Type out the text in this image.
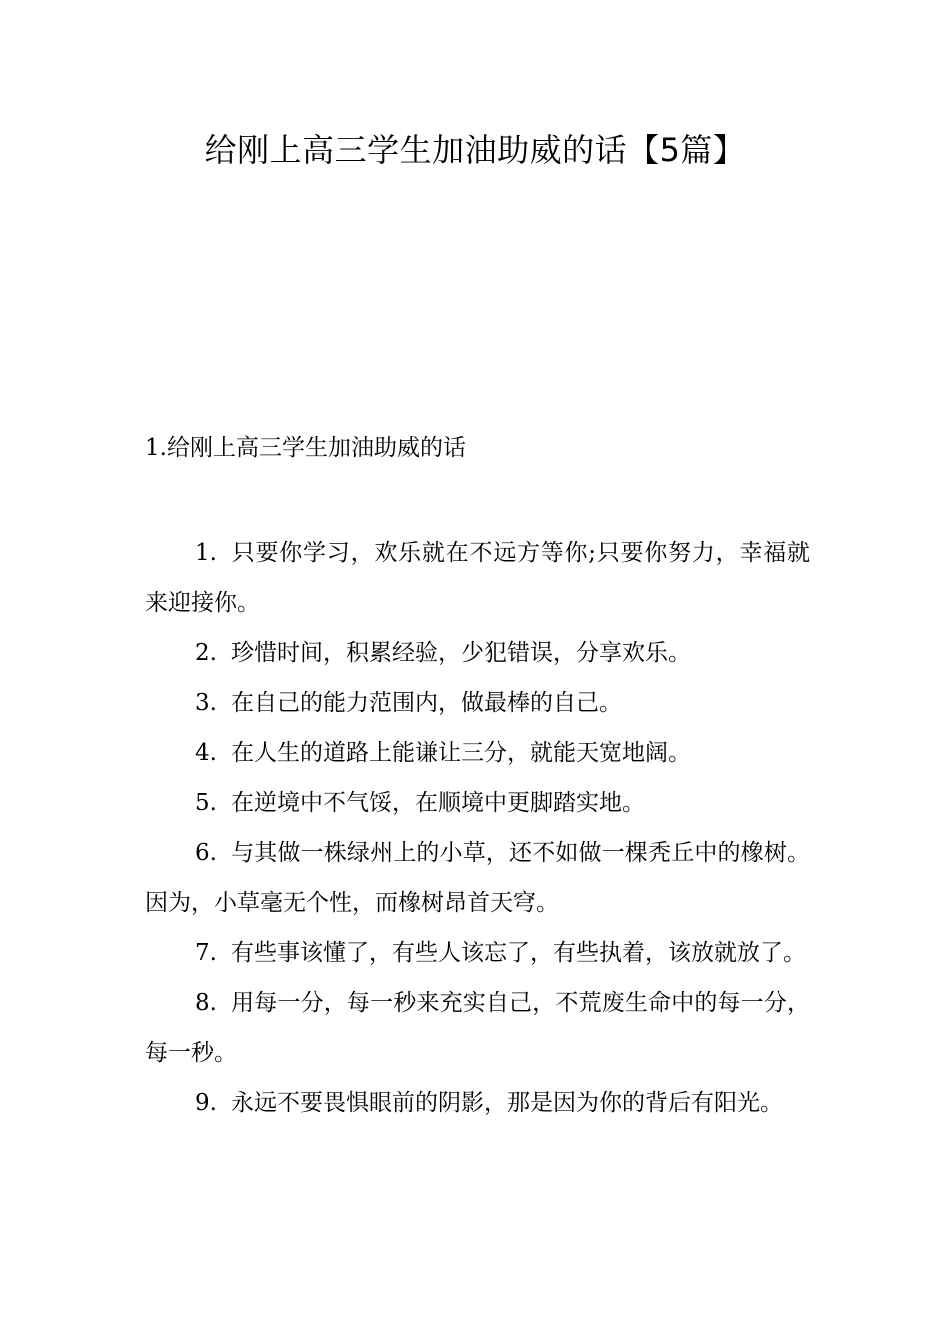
给刚上高三学生加油助威的话【5篇】
1.给刚上高三学生加油助威的话
1. 只要你学习，欢乐就在不远方等你;只要你努力，幸福就来迎接你。
2. 珍惜时间，积累经验，少犯错误，分享欢乐。
3. 在自己的能力范围内，做最棒的自己。
4. 在人生的道路上能谦让三分，就能天宽地阔。
5. 在逆境中不气馁，在顺境中更脚踏实地。
6. 与其做一株绿州上的小草，还不如做一棵秃丘中的橡树。因为，小草毫无个性，而橡树昂首天穹。
7. 有些事该懂了，有些人该忘了，有些执着，该放就放了。
8. 用每一分，每一秒来充实自己，不荒废生命中的每一分，每一秒。
9. 永远不要畏惧眼前的阴影，那是因为你的背后有阳光。
